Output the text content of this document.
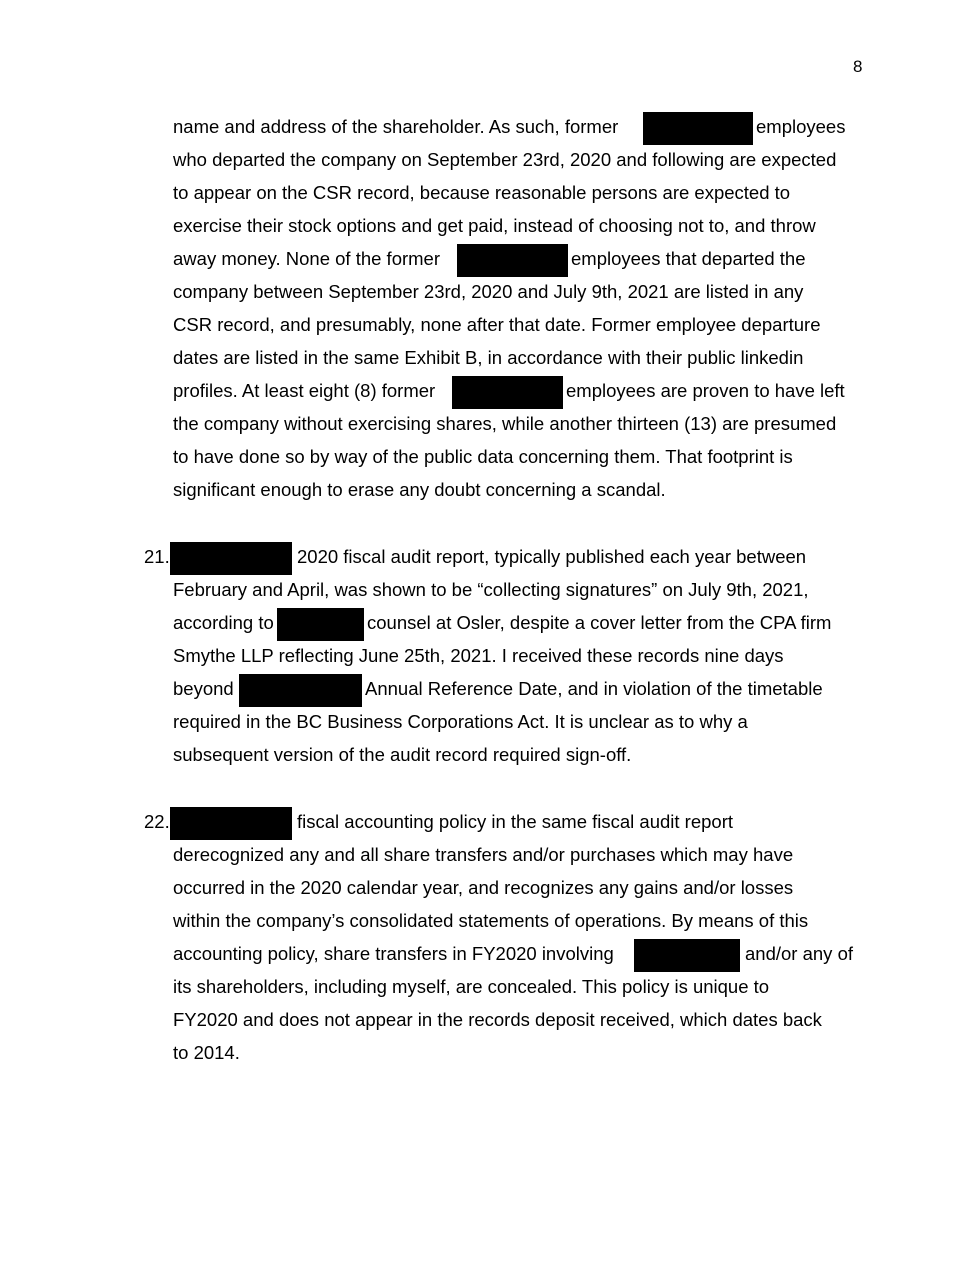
8
name and address of the shareholder. As such, former	employees
who departed the company on September 23rd, 2020 and following are expected
to appear on the CSR record, because reasonable persons are expected to
exercise their stock options and get paid, instead of choosing not to, and throw
away money. None of the former	employees that departed the
company between September 23rd, 2020 and July 9th, 2021 are listed in any
CSR record, and presumably, none after that date. Former employee departure
dates are listed in the same Exhibit B, in accordance with their public linkedin
profiles. At least eight (8) former	employees are proven to have left
the company without exercising shares, while another thirteen (13) are presumed
to have done so by way of the public data concerning them. That footprint is
significant enough to erase any doubt concerning a scandal.
21.	2020 fiscal audit report, typically published each year between
February and April, was shown to be “collecting signatures” on July 9th, 2021,
according to	counsel at Osler, despite a cover letter from the CPA firm
Smythe LLP reflecting June 25th, 2021. I received these records nine days
beyond	Annual Reference Date, and in violation of the timetable
required in the BC Business Corporations Act. It is unclear as to why a
subsequent version of the audit record required sign-off.
22.	fiscal accounting policy in the same fiscal audit report
derecognized any and all share transfers and/or purchases which may have
occurred in the 2020 calendar year, and recognizes any gains and/or losses
within the company’s consolidated statements of operations. By means of this
accounting policy, share transfers in FY2020 involving	and/or any of
its shareholders, including myself, are concealed. This policy is unique to
FY2020 and does not appear in the records deposit received, which dates back
to 2014.
